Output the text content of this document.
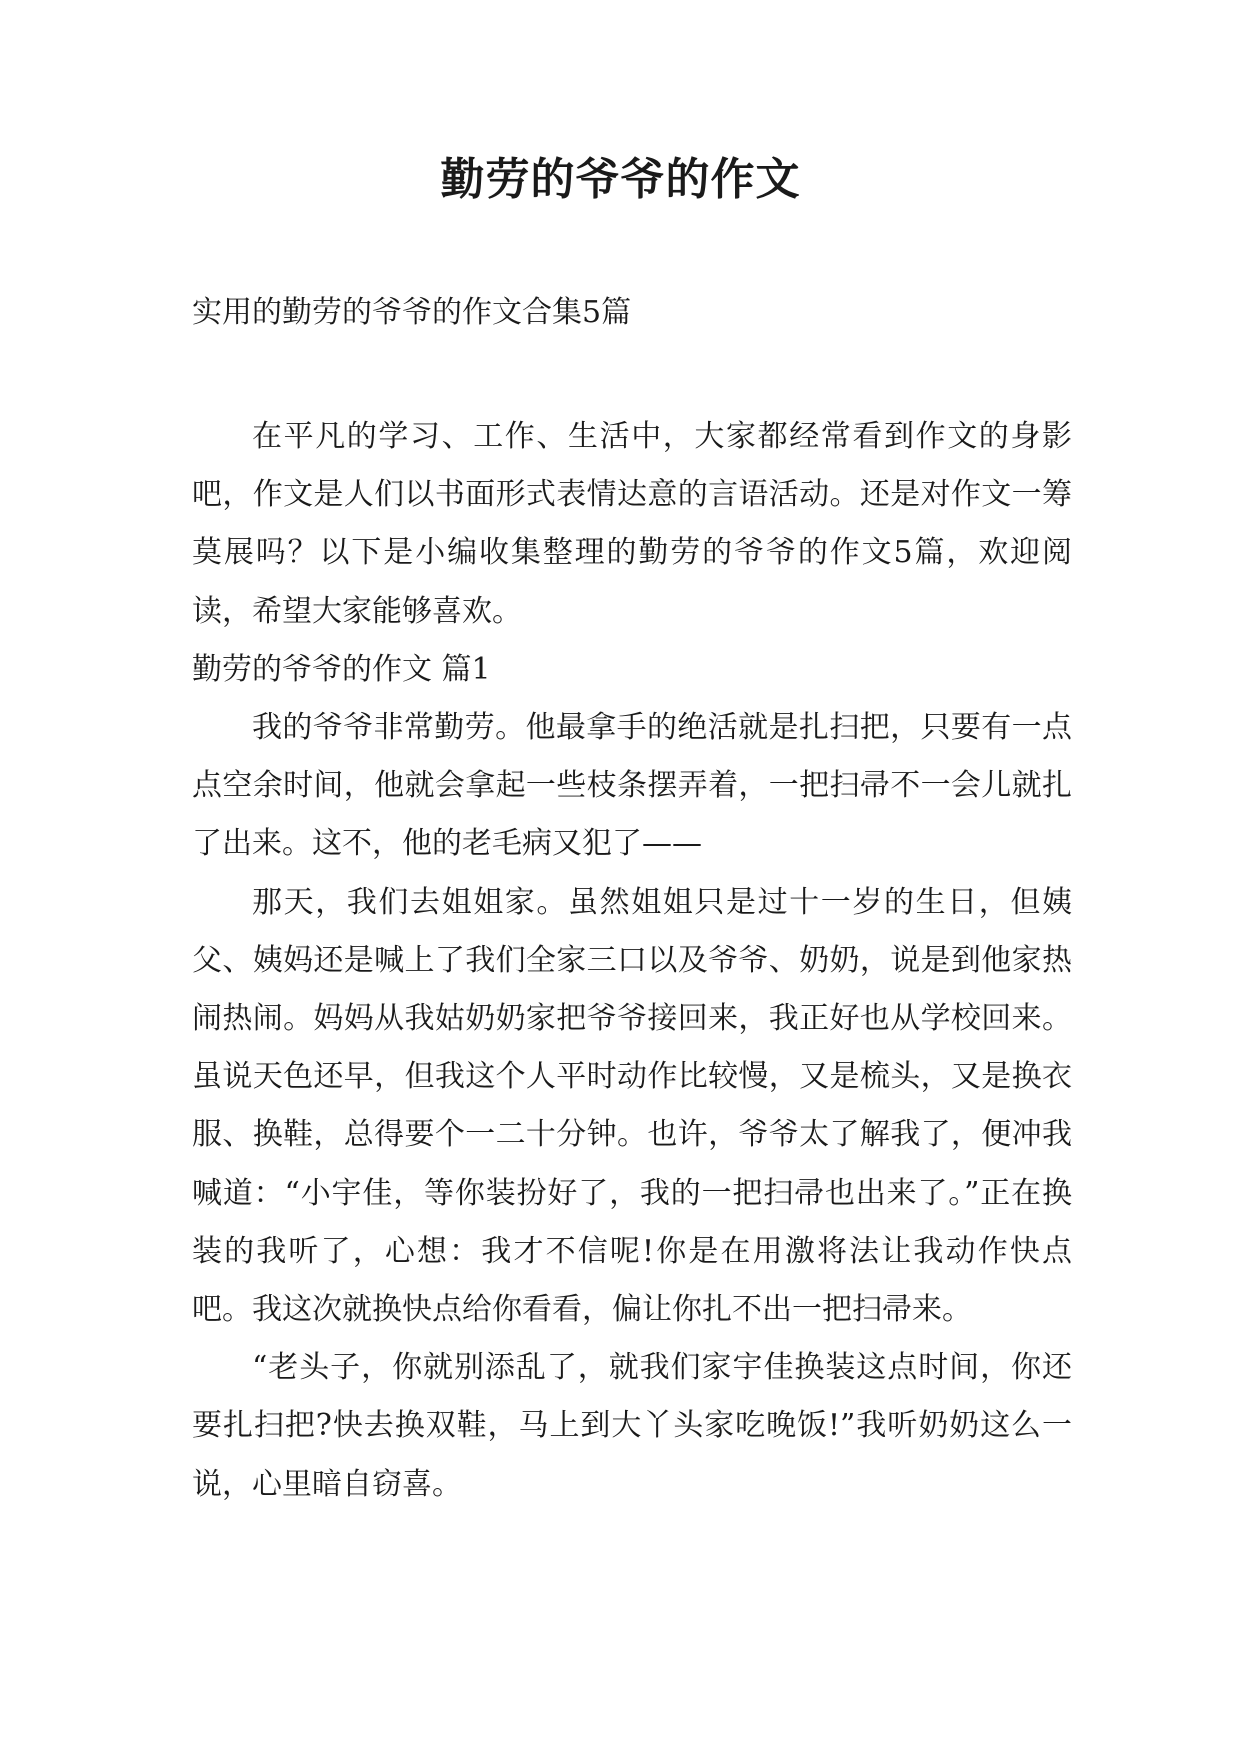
勤劳的爷爷的作文

实用的勤劳的爷爷的作文合集5篇

在平凡的学习、工作、生活中，大家都经常看到作文的身影吧，作文是人们以书面形式表情达意的言语活动。还是对作文一筹莫展吗？以下是小编收集整理的勤劳的爷爷的作文5篇，欢迎阅读，希望大家能够喜欢。

勤劳的爷爷的作文 篇1

我的爷爷非常勤劳。他最拿手的绝活就是扎扫把，只要有一点点空余时间，他就会拿起一些枝条摆弄着，一把扫帚不一会儿就扎了出来。这不，他的老毛病又犯了——

那天，我们去姐姐家。虽然姐姐只是过十一岁的生日，但姨父、姨妈还是喊上了我们全家三口以及爷爷、奶奶，说是到他家热闹热闹。妈妈从我姑奶奶家把爷爷接回来，我正好也从学校回来。虽说天色还早，但我这个人平时动作比较慢，又是梳头，又是换衣服、换鞋，总得要个一二十分钟。也许，爷爷太了解我了，便冲我喊道：“小宇佳，等你装扮好了，我的一把扫帚也出来了。”正在换装的我听了，心想：我才不信呢!你是在用激将法让我动作快点吧。我这次就换快点给你看看，偏让你扎不出一把扫帚来。

“老头子，你就别添乱了，就我们家宇佳换装这点时间，你还要扎扫把?快去换双鞋，马上到大丫头家吃晚饭!”我听奶奶这么一说，心里暗自窃喜。
